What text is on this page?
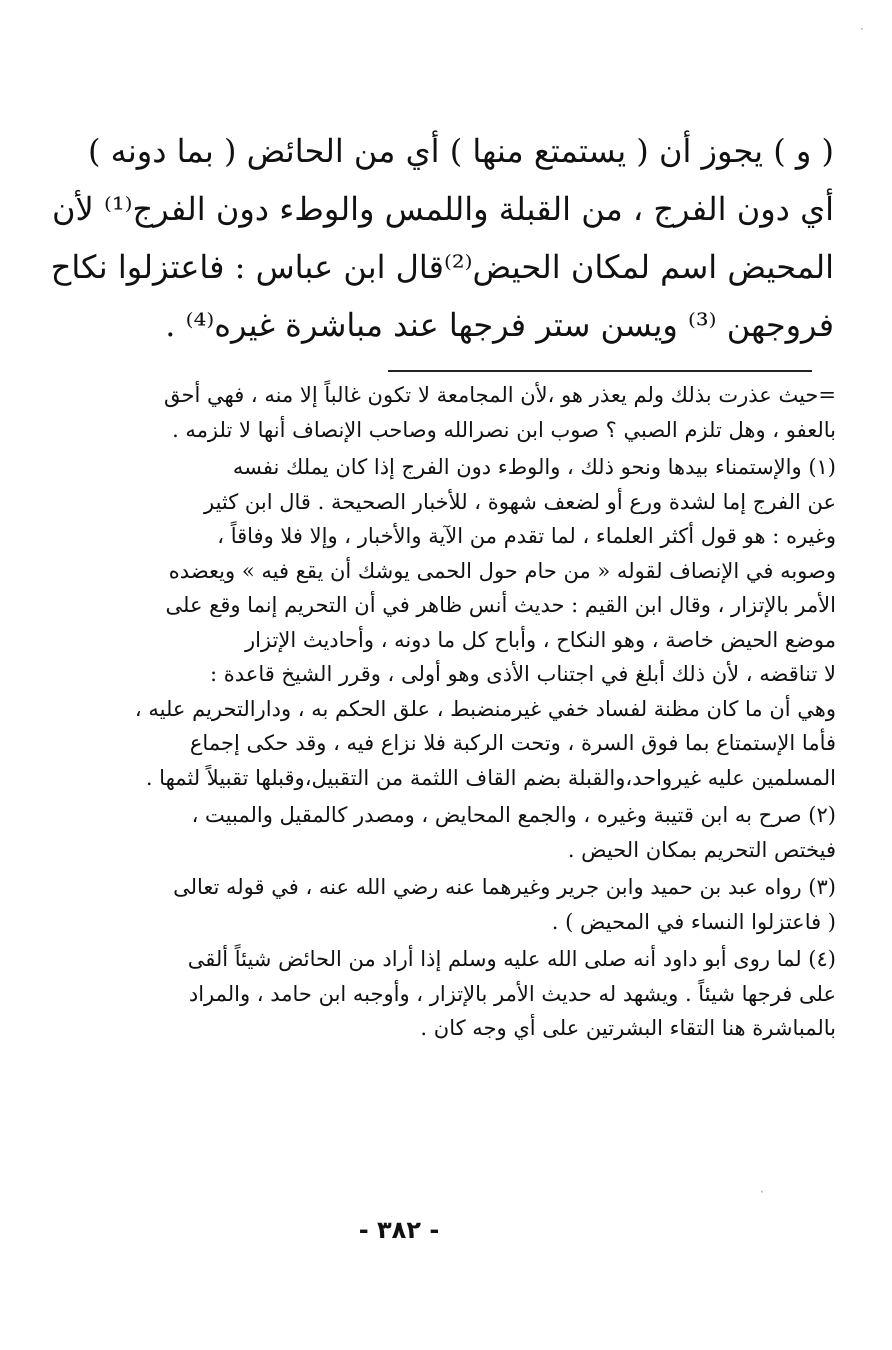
·
·
( و ) يجوز أن ( يستمتع منها ) أي من الحائض ( بما دونه )
أي دون الفرج ، من القبلة واللمس والوطء دون الفرج⁽¹⁾ لأن
المحيض اسم لمكان الحيض⁽²⁾قال ابن عباس : فاعتزلوا نكاح
فروجهن ⁽³⁾ ويسن ستر فرجها عند مباشرة غيره⁽⁴⁾ .
=حيث عذرت بذلك ولم يعذر هو ،لأن المجامعة لا تكون غالباً إلا منه ، فهي أحق
بالعفو ، وهل تلزم الصبي ؟ صوب ابن نصرالله وصاحب الإنصاف أنها لا تلزمه .
(١) والإستمناء بيدها ونحو ذلك ، والوطء دون الفرج إذا كان يملك نفسه
عن الفرج إما لشدة ورع أو لضعف شهوة ، للأخبار الصحيحة . قال ابن كثير
وغيره : هو قول أكثر العلماء ، لما تقدم من الآية والأخبار ، وإلا فلا وفاقاً ،
وصوبه في الإنصاف لقوله « من حام حول الحمى يوشك أن يقع فيه » ويعضده
الأمر بالإتزار ، وقال ابن القيم : حديث أنس ظاهر في أن التحريم إنما وقع على
موضع الحيض خاصة ، وهو النكاح ، وأباح كل ما دونه ، وأحاديث الإتزار
لا تناقضه ، لأن ذلك أبلغ في اجتناب الأذى وهو أولى ، وقرر الشيخ قاعدة :
وهي أن ما كان مظنة لفساد خفي غيرمنضبط ، علق الحكم به ، ودارالتحريم عليه ،
فأما الإستمتاع بما فوق السرة ، وتحت الركبة فلا نزاع فيه ، وقد حكى إجماع
المسلمين عليه غيرواحد،والقبلة بضم القاف اللثمة من التقبيل،وقبلها تقبيلاً لثمها .
(٢) صرح به ابن قتيبة وغيره ، والجمع المحايض ، ومصدر كالمقيل والمبيت ،
فيختص التحريم بمكان الحيض .
(٣) رواه عبد بن حميد وابن جرير وغيرهما عنه رضي الله عنه ، في قوله تعالى
( فاعتزلوا النساء في المحيض ) .
(٤) لما روى أبو داود أنه صلى الله عليه وسلم إذا أراد من الحائض شيئاً ألقى
على فرجها شيئاً . ويشهد له حديث الأمر بالإتزار ، وأوجبه ابن حامد ، والمراد
بالمباشرة هنا التقاء البشرتين على أي وجه كان .
- ٣٨٢ -
